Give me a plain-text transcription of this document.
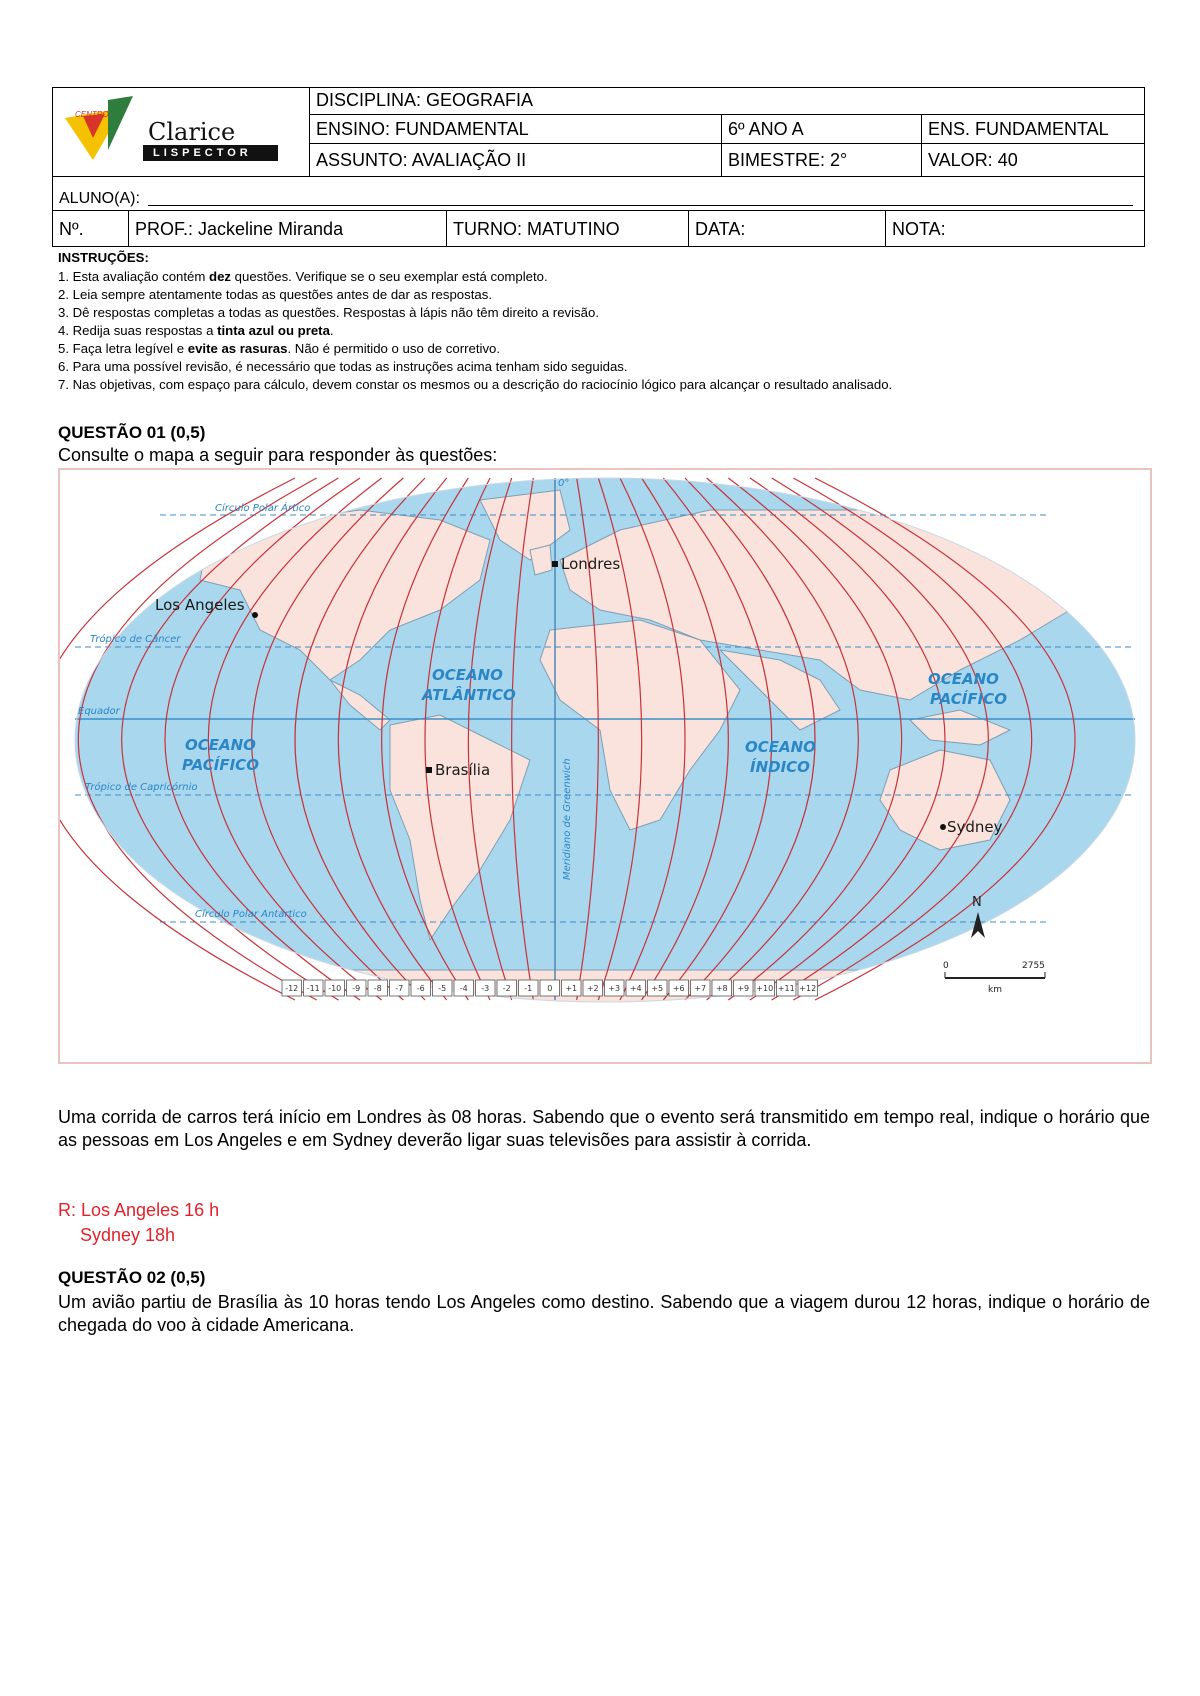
CENTRO
Clarice
LISPECTOR
DISCIPLINA: GEOGRAFIA
ENSINO: FUNDAMENTAL	6º ANO A	ENS. FUNDAMENTAL
ASSUNTO: AVALIAÇÃO II	BIMESTRE: 2°	VALOR: 40
ALUNO(A):
Nº.	PROF.: Jackeline Miranda	TURNO: MATUTINO	DATA:	NOTA:
INSTRUÇÕES:
1. Esta avaliação contém dez questões. Verifique se o seu exemplar está completo.
2. Leia sempre atentamente todas as questões antes de dar as respostas.
3. Dê respostas completas a todas as questões. Respostas à lápis não têm direito a revisão.
4. Redija suas respostas a tinta azul ou preta.
5. Faça letra legível e evite as rasuras. Não é permitido o uso de corretivo.
6. Para uma possível revisão, é necessário que todas as instruções acima tenham sido seguidas.
7. Nas objetivas, com espaço para cálculo, devem constar os mesmos ou a descrição do raciocínio lógico para alcançar o resultado analisado.
QUESTÃO 01 (0,5)
Consulte o mapa a seguir para responder às questões:
Círculo Polar Ártico
Trópico de Câncer
Equador
Trópico de Capricórnio
Círculo Polar Antártico
0°
Meridiano de Greenwich
Londres
Los Angeles
Brasília
Sydney
OCEANO
ATLÂNTICO
OCEANO
PACÍFICO
OCEANO
ÍNDICO
OCEANO
PACÍFICO
-12 -11 -10 -9 -8 -7 -6 -5 -4 -3 -2 -1 0 +1 +2 +3 +4 +5 +6 +7 +8 +9 +10 +11 +12
N
0	2755
km
Uma corrida de carros terá início em Londres às 08 horas. Sabendo que o evento será transmitido em tempo real, indique o horário que as pessoas em Los Angeles e em Sydney deverão ligar suas televisões para assistir à corrida.
R: Los Angeles 16 h
Sydney 18h
QUESTÃO 02 (0,5)
Um avião partiu de Brasília às 10 horas tendo Los Angeles como destino. Sabendo que a viagem durou 12 horas, indique o horário de chegada do voo à cidade Americana.
